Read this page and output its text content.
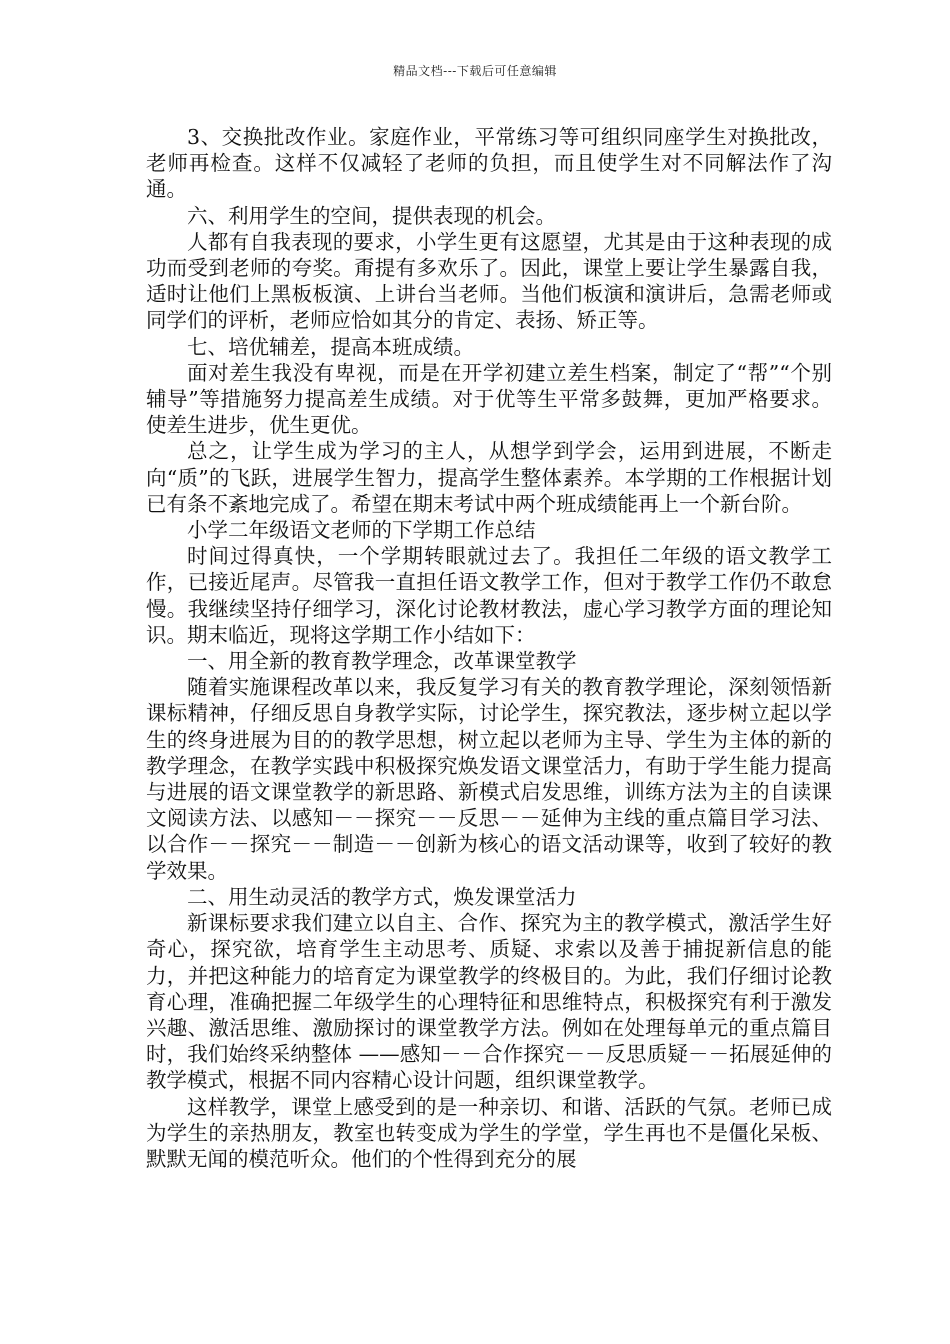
精品文档---下载后可任意编辑

3、交换批改作业。家庭作业，平常练习等可组织同座学生对换批改，老师再检查。这样不仅减轻了老师的负担，而且使学生对不同解法作了沟通。

六、利用学生的空间，提供表现的机会。

人都有自我表现的要求，小学生更有这愿望，尤其是由于这种表现的成功而受到老师的夸奖。甭提有多欢乐了。因此，课堂上要让学生暴露自我，适时让他们上黑板板演、上讲台当老师。当他们板演和演讲后，急需老师或同学们的评析，老师应恰如其分的肯定、表扬、矫正等。

七、培优辅差，提高本班成绩。

面对差生我没有卑视，而是在开学初建立差生档案，制定了“帮”“个别辅导”等措施努力提高差生成绩。对于优等生平常多鼓舞，更加严格要求。使差生进步，优生更优。

总之，让学生成为学习的主人，从想学到学会，运用到进展，不断走向“质”的飞跃，进展学生智力，提高学生整体素养。本学期的工作根据计划已有条不紊地完成了。希望在期末考试中两个班成绩能再上一个新台阶。

小学二年级语文老师的下学期工作总结

时间过得真快，一个学期转眼就过去了。我担任二年级的语文教学工作，已接近尾声。尽管我一直担任语文教学工作，但对于教学工作仍不敢怠慢。我继续坚持仔细学习，深化讨论教材教法，虚心学习教学方面的理论知识。期末临近，现将这学期工作小结如下：

一、用全新的教育教学理念，改革课堂教学

随着实施课程改革以来，我反复学习有关的教育教学理论，深刻领悟新课标精神，仔细反思自身教学实际，讨论学生，探究教法，逐步树立起以学生的终身进展为目的的教学思想，树立起以老师为主导、学生为主体的新的教学理念，在教学实践中积极探究焕发语文课堂活力，有助于学生能力提高与进展的语文课堂教学的新思路、新模式启发思维，训练方法为主的自读课文阅读方法、以感知－－探究－－反思－－延伸为主线的重点篇目学习法、以合作－－探究－－制造－－创新为核心的语文活动课等，收到了较好的教学效果。

二、用生动灵活的教学方式，焕发课堂活力

新课标要求我们建立以自主、合作、探究为主的教学模式，激活学生好奇心，探究欲，培育学生主动思考、质疑、求索以及善于捕捉新信息的能力，并把这种能力的培育定为课堂教学的终极目的。为此，我们仔细讨论教育心理，准确把握二年级学生的心理特征和思维特点，积极探究有利于激发兴趣、激活思维、激励探讨的课堂教学方法。例如在处理每单元的重点篇目时，我们始终采纳整体 ——感知－－合作探究－－反思质疑－－拓展延伸的教学模式，根据不同内容精心设计问题，组织课堂教学。

这样教学，课堂上感受到的是一种亲切、和谐、活跃的气氛。老师已成为学生的亲热朋友，教室也转变成为学生的学堂，学生再也不是僵化呆板、默默无闻的模范听众。他们的个性得到充分的展
